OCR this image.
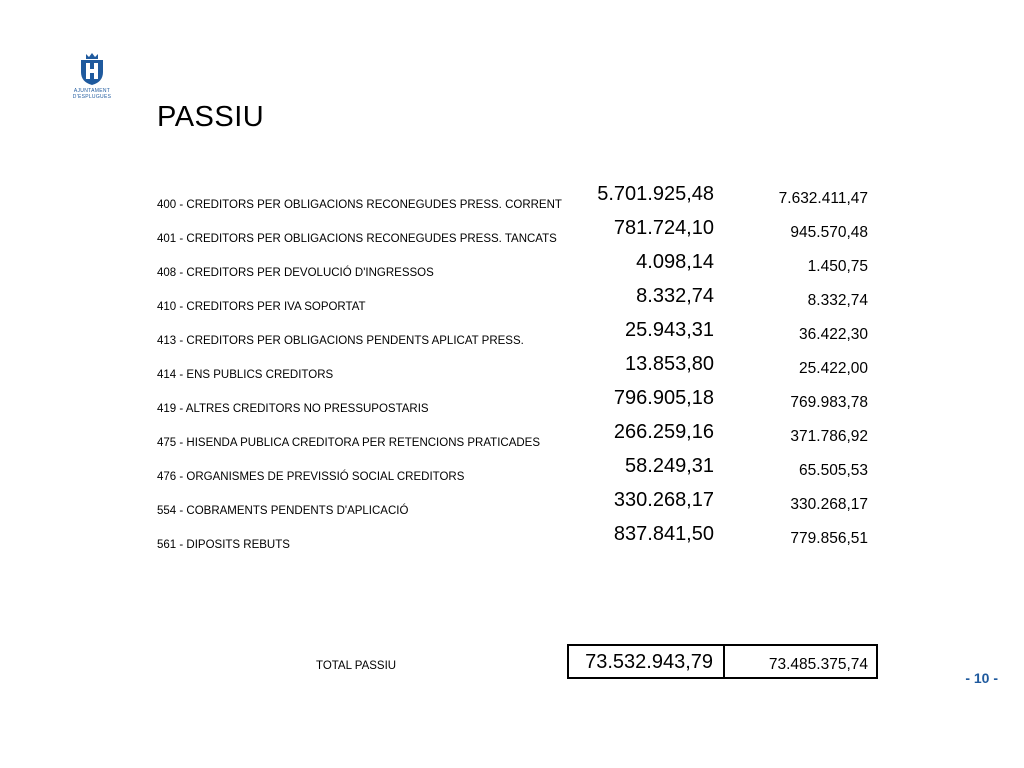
AJUNTAMENT
D'ESPLUGUES
PASSIU
400 - CREDITORS PER OBLIGACIONS RECONEGUDES PRESS. CORRENT 5.701.925,48	7.632.411,47
401 - CREDITORS PER OBLIGACIONS RECONEGUDES PRESS. TANCATS	781.724,10	945.570,48
408 - CREDITORS PER DEVOLUCIÓ D'INGRESSOS	4.098,14	1.450,75
410 - CREDITORS PER IVA SOPORTAT	8.332,74	8.332,74
413 - CREDITORS PER OBLIGACIONS PENDENTS APLICAT PRESS.	25.943,31	36.422,30
414 - ENS PUBLICS CREDITORS	13.853,80	25.422,00
419 - ALTRES CREDITORS NO PRESSUPOSTARIS	796.905,18	769.983,78
475 - HISENDA PUBLICA CREDITORA PER RETENCIONS PRATICADES	266.259,16	371.786,92
476 - ORGANISMES DE PREVISSIÓ SOCIAL CREDITORS	58.249,31	65.505,53
554 - COBRAMENTS PENDENTS D'APLICACIÓ	330.268,17	330.268,17
561 - DIPOSITS REBUTS	837.841,50	779.856,51
TOTAL PASSIU	73.532.943,79	73.485.375,74
- 10 -
